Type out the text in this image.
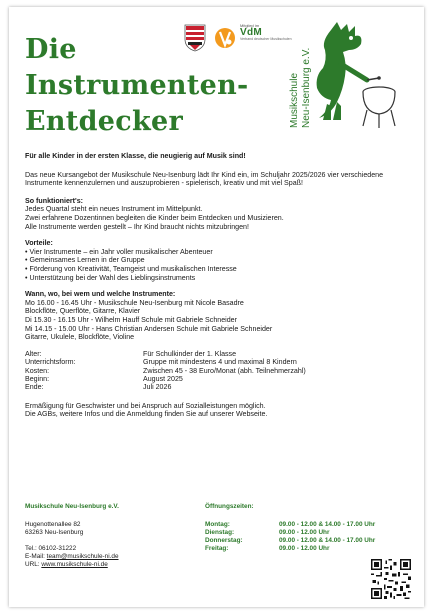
Die
Instrumenten-
Entdecker
Mitglied im
VdM
Verband deutscher Musikschulen
Musikschule
Neu-Isenburg e.V.

Für alle Kinder in der ersten Klasse, die neugierig auf Musik sind!

Das neue Kursangebot der Musikschule Neu-Isenburg lädt Ihr Kind ein, im Schuljahr 2025/2026 vier verschiedene Instrumente kennenzulernen und auszuprobieren - spielerisch, kreativ und mit viel Spaß!

So funktioniert's:

Jedes Quartal steht ein neues Instrument im Mittelpunkt.

Zwei erfahrene Dozentinnen begleiten die Kinder beim Entdecken und Musizieren.

Alle Instrumente werden gestellt – Ihr Kind braucht nichts mitzubringen!

Vorteile:

• Vier Instrumente – ein Jahr voller musikalischer Abenteuer
• Gemeinsames Lernen in der Gruppe
• Förderung von Kreativität, Teamgeist und musikalischen Interesse
• Unterstützung bei der Wahl des Lieblingsinstruments

Wann, wo, bei wem und welche Instrumente:

Mo 16.00 - 16.45 Uhr - Musikschule Neu-Isenburg mit Nicole Basadre

Blockflöte, Querflöte, Gitarre, Klavier

Di 15.30 - 16.15 Uhr - Wilhelm Hauff Schule mit Gabriele Schneider

Mi 14.15 - 15.00 Uhr - Hans Christian Andersen Schule mit Gabriele Schneider

Gitarre, Ukulele, Blockflöte, Violine

Alter:	Für Schulkinder der 1. Klasse
Unterrichtsform:	Gruppe mit mindestens 4 und maximal 8 Kindern
Kosten:	Zwischen 45 - 38 Euro/Monat (abh. Teilnehmerzahl)
Beginn:	August 2025
Ende:	Juli 2026

Ermäßigung für Geschwister und bei Anspruch auf Sozialleistungen möglich.

Die AGBs, weitere Infos und die Anmeldung finden Sie auf unserer Webseite.

Musikschule Neu-Isenburg e.V.
Hugenottenallee 82
63263 Neu-Isenburg
Tel.: 06102-31222
E-Mail: team@musikschule-ni.de
URL: www.musikschule-ni.de
Öffnungszeiten:
Montag:	09.00 - 12.00 & 14.00 - 17.00 Uhr
Dienstag:	09.00 - 12.00 Uhr
Donnerstag:	09.00 - 12.00 & 14.00 - 17.00 Uhr
Freitag:	09.00 - 12.00 Uhr
